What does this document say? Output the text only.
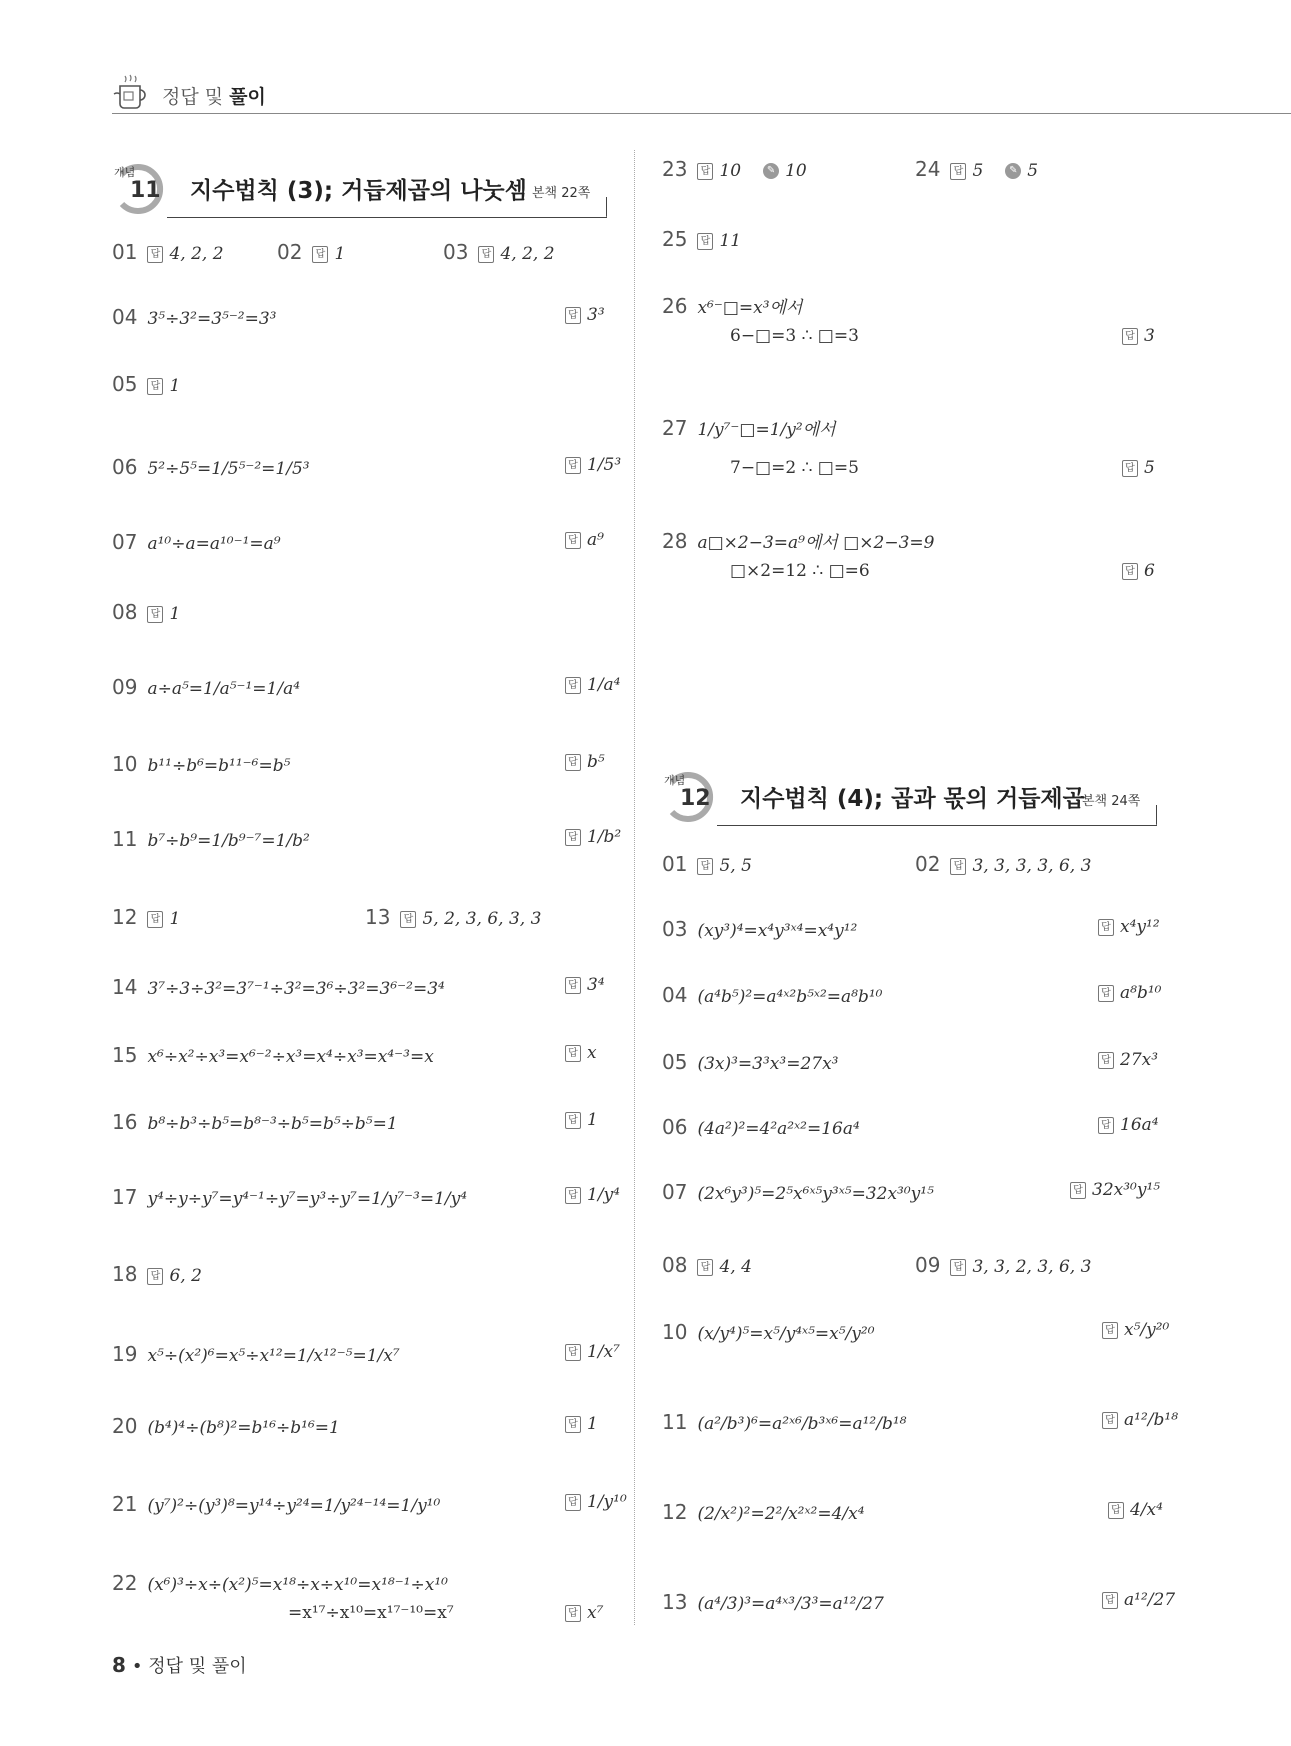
정답 및 풀이
개념
11 지수법칙 (3); 거듭제곱의 나눗셈 본책 22쪽
개념
12 지수법칙 (4); 곱과 몫의 거듭제곱
본책 24쪽
01 답 4, 2, 2	02 답 1	03 답 4, 2, 2
04 3⁵÷3²=3⁵⁻²=3³	답 3³
05 답 1
06 5²÷5⁵=1/5⁵⁻²=1/5³	답 1/5³
07 a¹⁰÷a=a¹⁰⁻¹=a⁹	답 a⁹
08 답 1
09 a÷a⁵=1/a⁵⁻¹=1/a⁴	답 1/a⁴
10 b¹¹÷b⁶=b¹¹⁻⁶=b⁵	답 b⁵
11 b⁷÷b⁹=1/b⁹⁻⁷=1/b²	답 1/b²
12 답 1	13 답 5, 2, 3, 6, 3, 3
14 3⁷÷3÷3²=3⁷⁻¹÷3²=3⁶÷3²=3⁶⁻²=3⁴	답 3⁴
15 x⁶÷x²÷x³=x⁶⁻²÷x³=x⁴÷x³=x⁴⁻³=x	답 x
16 b⁸÷b³÷b⁵=b⁸⁻³÷b⁵=b⁵÷b⁵=1	답 1
17 y⁴÷y÷y⁷=y⁴⁻¹÷y⁷=y³÷y⁷=1/y⁷⁻³=1/y⁴	답 1/y⁴
18 답 6, 2
19 x⁵÷(x²)⁶=x⁵÷x¹²=1/x¹²⁻⁵=1/x⁷	답 1/x⁷
20 (b⁴)⁴÷(b⁸)²=b¹⁶÷b¹⁶=1	답 1
21 (y⁷)²÷(y³)⁸=y¹⁴÷y²⁴=1/y²⁴⁻¹⁴=1/y¹⁰	답 1/y¹⁰
22 (x⁶)³÷x÷(x²)⁵=x¹⁸÷x÷x¹⁰=x¹⁸⁻¹÷x¹⁰
=x¹⁷÷x¹⁰=x¹⁷⁻¹⁰=x⁷	답 x⁷
23 답 10	✎ 10	24 답 5	✎ 5
25 답 11
26 x⁶⁻□=x³에서
6−□=3 ∴ □=3	답 3
27 1/y⁷⁻□=1/y²에서
7−□=2 ∴ □=5	답 5
28 a□×2−3=a⁹에서 □×2−3=9
□×2=12 ∴ □=6	답 6
01 답 5, 5	02 답 3, 3, 3, 3, 6, 3
03 (xy³)⁴=x⁴y³ˣ⁴=x⁴y¹²	답 x⁴y¹²
04 (a⁴b⁵)²=a⁴ˣ²b⁵ˣ²=a⁸b¹⁰	답 a⁸b¹⁰
05 (3x)³=3³x³=27x³	답 27x³
06 (4a²)²=4²a²ˣ²=16a⁴	답 16a⁴
07 (2x⁶y³)⁵=2⁵x⁶ˣ⁵y³ˣ⁵=32x³⁰y¹⁵	답 32x³⁰y¹⁵
08 답 4, 4	09 답 3, 3, 2, 3, 6, 3
10 (x/y⁴)⁵=x⁵/y⁴ˣ⁵=x⁵/y²⁰	답 x⁵/y²⁰
11 (a²/b³)⁶=a²ˣ⁶/b³ˣ⁶=a¹²/b¹⁸	답 a¹²/b¹⁸
12 (2/x²)²=2²/x²ˣ²=4/x⁴	답 4/x⁴
13 (a⁴/3)³=a⁴ˣ³/3³=a¹²/27	답 a¹²/27
8 • 정답 및 풀이
